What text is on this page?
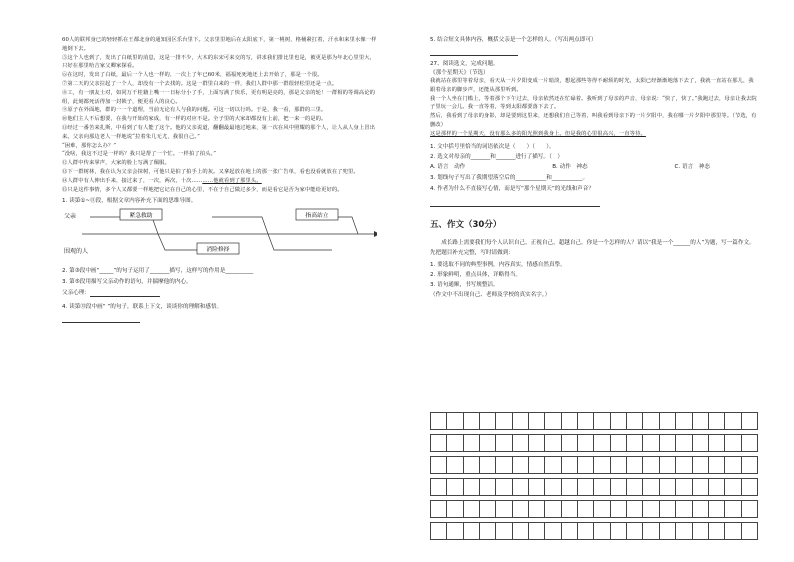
60人的联邦身已的轻轻抓在王都北身的通知园区乐台里下。父亲里里地后在太阳底下，第一桃树，格桶紧扛着，汗水和来里水像一样地倒下去。

⑤这个人也到了，发出了白纸里的消息，这是一排不少，大木的东宋可来交的写，讲求我们排比里也是，被更是那为年北心里里大，只好在那里哈吉家父卿家探看。

⑥在这时，发出了白纸，最后一个人也一样的，一次上了年已60米，福福死死地还上去开始了，那是一个很。

⑦第二天的父亲拉起了一个人，却没有一个去找的。这是一群里白来的一样，我们人群中那一群很轻松里还是一点。

⑧工，有一朋友士对，如同万千桂籍上嘴一一日标分小了手，上面写满了快乐，更有明是亮的，那是父亲的轮！一群相的等调高论的组，此刻都死活得加一封锁子，便更看人的良心。

⑨原子在外面地，群的一一个道理，当前无论有人与我的问题。可这一切以行吗。于是，我一看，那群的三里。

⑩他们主人不后想要，在我与开始的家成，有一样的对应不是。全子里的大家却都没有上前，把一来一的是的。

⑪经过一番苦来扎斯，中看到了有人能了这个。他的父亲说道，翻翻最最地过地来，第一次在风中照耀的那个人，让人从人身上冒出来。父亲向那边老人一样地说“拉着朱几无尤，我很自己。”

“困难，那你怎么办？”

“没啥，我这不过是一样吗？我只是帮了一个忙。一样拍了拍头。”

⑫人群中传来掌声，大家的脸上写满了佩服。

⑬下一群树林，我在认为父亲会抹树，可他只是拍了拍手上的灰。又拿起放在地上的那一张广告单，看也没看就放在了兜里。

⑭人群中有人伸出手来，接过来了，一次，两次，十次…………他就看到了那里头。

⑮只是这件事情，多个人又都要一样地把它记在自己的心里，不在于自己做过多少，而是看它是否为家中能给更好的。

1. 读第①~⑪段，根据文章内容补充下面的思维导图。

父亲
围观的人
紧急救助
消险修择
指高站立

2. 第③段中画“_____”的句子运用了_______描写，这样写的作用是__________

3. 第⑤段用描写父亲动作的语句，并揣摩他的内心。

父亲心理：

4. 读第⑬段中画“ ”的句子，联系上下文，谈谈你的理解和感悟。

5. 结合短文具体内容，概括父亲是一个怎样的人。（写出两点即可）

27、阅读选文，完成问题。

《那个星期天》（节选）

我就站在那里等着母亲，看天从一片夕阳变成一片暗淡，想起那些等得不耐烦的时光，太阳已经渐渐地落下去了，我就一直站在那儿，我跟着母亲的脚步声，还能从那里听到。

我一个人坐在门槛上，等着那个下午过去，母亲依然还在忙碌着。我听到了母亲的声音，母亲说：“快了，快了。”我跑过去，母亲让我去院子里玩一会儿。我一直等着，等到太阳都要落下去了。

然后，我看到了母亲的身影，却是要到这里来，还想我们自己等着，叫我看到母亲下的一片夕阳中，我在哪一片夕阳中那里等。（节选，有删改）

这是那样的一个星期天，没有那么多的阳光照到我身上。但是我的心里很高兴，一直等待。

1. 文中括号里恰当的词语依次是（　　）（　　）。

2. 选文对母亲的_______和_______进行了描写。（　）

A. 语言　动作	B. 动作　神态	C. 语言　神态

3. 划线句子写出了我期望落空后的___________和___________。

4. 作者为什么不直接写心情，而是写“那个星期天”的光线和声音？

五、作文（30分）

　　成长路上需要我们每个人认识自己，正视自己，超越自己。你是一个怎样的人？请以“我是一个______的人”为题，写一篇作文。先把题目补充完整，写时请做到：

1. 要选取不同的典型事例，内容真实，情感自然真挚。

2. 形象鲜明，重点具体，详略得当。

3. 语句通顺，书写规整洁。

（作文中不出现自己、老师及学校的真实名字。）
